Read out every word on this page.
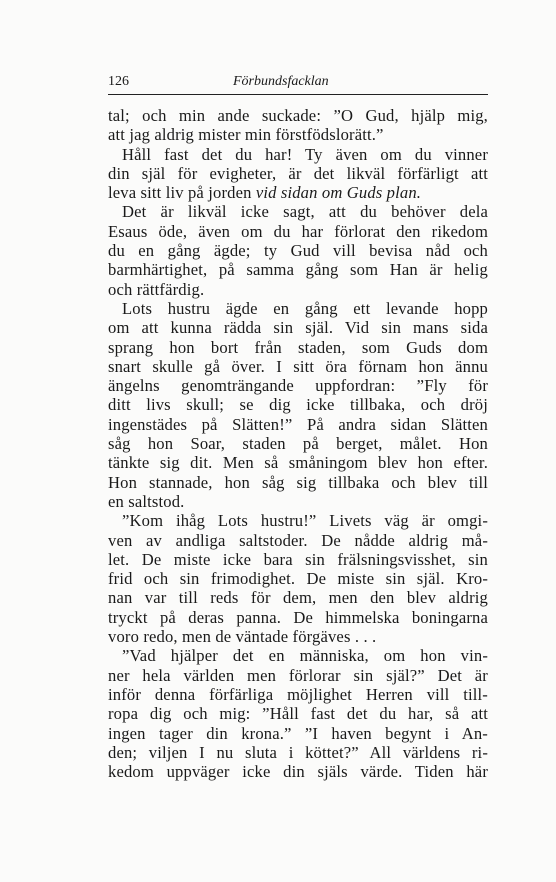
126	Förbundsfacklan
tal; och min ande suckade: ”O Gud, hjälp mig,
att jag aldrig mister min förstfödslorätt.”
Håll fast det du har! Ty även om du vinner
din själ för evigheter, är det likväl förfärligt att
leva sitt liv på jorden vid sidan om Guds plan.
Det är likväl icke sagt, att du behöver dela
Esaus öde, även om du har förlorat den rikedom
du en gång ägde; ty Gud vill bevisa nåd och
barmhärtighet, på samma gång som Han är helig
och rättfärdig.
Lots hustru ägde en gång ett levande hopp
om att kunna rädda sin själ. Vid sin mans sida
sprang hon bort från staden, som Guds dom
snart skulle gå över. I sitt öra förnam hon ännu
ängelns genomträngande uppfordran: ”Fly för
ditt livs skull; se dig icke tillbaka, och dröj
ingenstädes på Slätten!” På andra sidan Slätten
såg hon Soar, staden på berget, målet. Hon
tänkte sig dit. Men så småningom blev hon efter.
Hon stannade, hon såg sig tillbaka och blev till
en saltstod.
”Kom ihåg Lots hustru!” Livets väg är omgi-
ven av andliga saltstoder. De nådde aldrig må-
let. De miste icke bara sin frälsningsvisshet, sin
frid och sin frimodighet. De miste sin själ. Kro-
nan var till reds för dem, men den blev aldrig
tryckt på deras panna. De himmelska boningarna
voro redo, men de väntade förgäves . . .
”Vad hjälper det en människa, om hon vin-
ner hela världen men förlorar sin själ?” Det är
inför denna förfärliga möjlighet Herren vill till-
ropa dig och mig: ”Håll fast det du har, så att
ingen tager din krona.” ”I haven begynt i An-
den; viljen I nu sluta i köttet?” All världens ri-
kedom uppväger icke din själs värde. Tiden här
